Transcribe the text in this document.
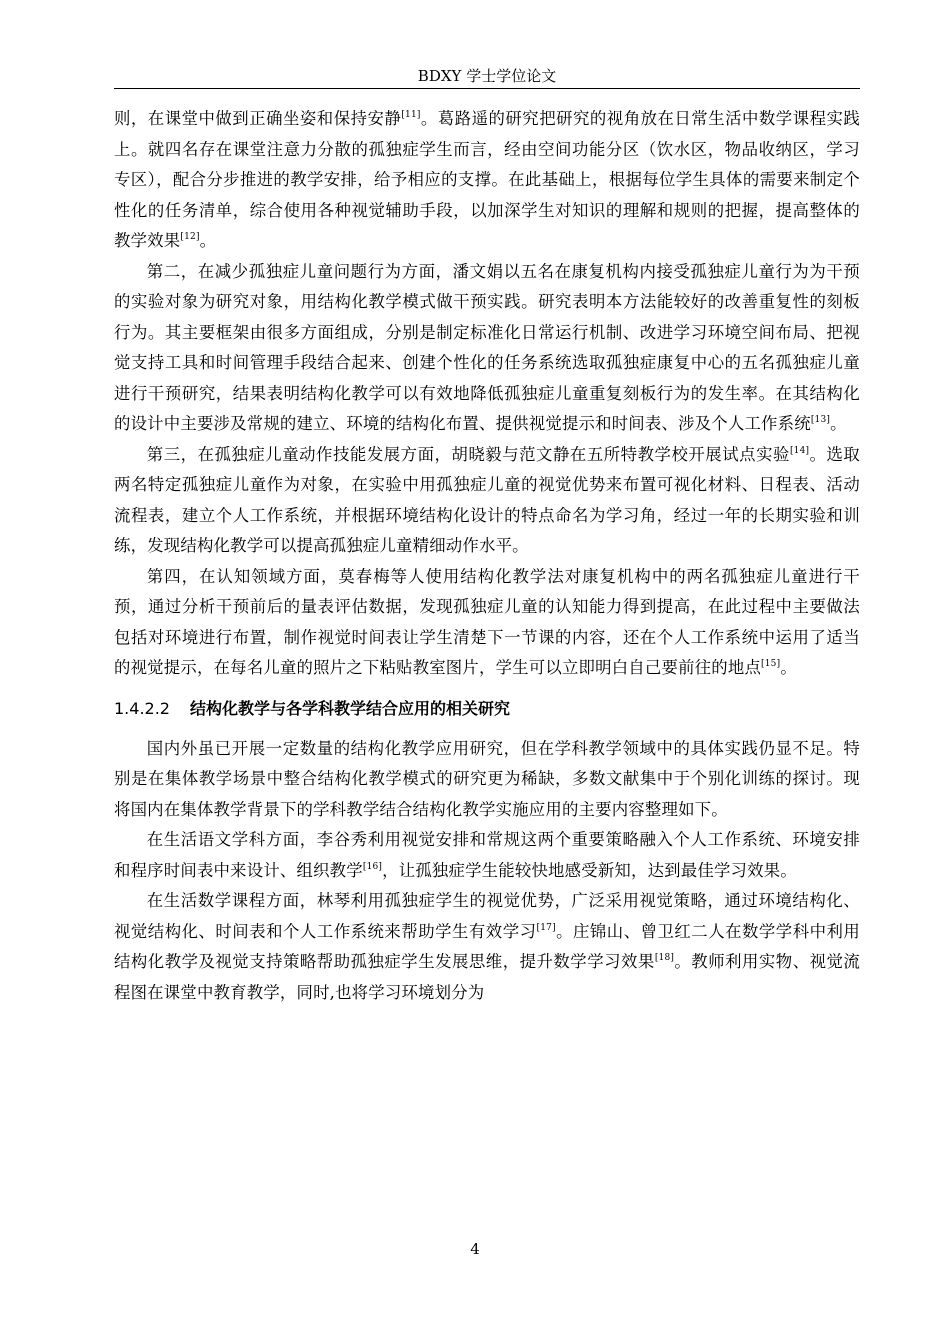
BDXY 学士学位论文

则，在课堂中做到正确坐姿和保持安静[11]。葛路遥的研究把研究的视角放在日常生活中数学课程实践上。就四名存在课堂注意力分散的孤独症学生而言，经由空间功能分区（饮水区，物品收纳区，学习专区），配合分步推进的教学安排，给予相应的支撑。在此基础上，根据每位学生具体的需要来制定个性化的任务清单，综合使用各种视觉辅助手段，以加深学生对知识的理解和规则的把握，提高整体的教学效果[12]。

第二，在减少孤独症儿童问题行为方面，潘文娟以五名在康复机构内接受孤独症儿童行为为干预的实验对象为研究对象，用结构化教学模式做干预实践。研究表明本方法能较好的改善重复性的刻板行为。其主要框架由很多方面组成，分别是制定标准化日常运行机制、改进学习环境空间布局、把视觉支持工具和时间管理手段结合起来、创建个性化的任务系统选取孤独症康复中心的五名孤独症儿童进行干预研究，结果表明结构化教学可以有效地降低孤独症儿童重复刻板行为的发生率。在其结构化的设计中主要涉及常规的建立、环境的结构化布置、提供视觉提示和时间表、涉及个人工作系统[13]。

第三，在孤独症儿童动作技能发展方面，胡晓毅与范文静在五所特教学校开展试点实验[14]。选取两名特定孤独症儿童作为对象，在实验中用孤独症儿童的视觉优势来布置可视化材料、日程表、活动流程表，建立个人工作系统，并根据环境结构化设计的特点命名为学习角，经过一年的长期实验和训练，发现结构化教学可以提高孤独症儿童精细动作水平。

第四，在认知领域方面，莫春梅等人使用结构化教学法对康复机构中的两名孤独症儿童进行干预，通过分析干预前后的量表评估数据，发现孤独症儿童的认知能力得到提高，在此过程中主要做法包括对环境进行布置，制作视觉时间表让学生清楚下一节课的内容，还在个人工作系统中运用了适当的视觉提示，在每名儿童的照片之下粘贴教室图片，学生可以立即明白自己要前往的地点[15]。

1.4.2.2 结构化教学与各学科教学结合应用的相关研究

国内外虽已开展一定数量的结构化教学应用研究，但在学科教学领域中的具体实践仍显不足。特别是在集体教学场景中整合结构化教学模式的研究更为稀缺，多数文献集中于个别化训练的探讨。现将国内在集体教学背景下的学科教学结合结构化教学实施应用的主要内容整理如下。

在生活语文学科方面，李谷秀利用视觉安排和常规这两个重要策略融入个人工作系统、环境安排和程序时间表中来设计、组织教学[16]，让孤独症学生能较快地感受新知，达到最佳学习效果。

在生活数学课程方面，林琴利用孤独症学生的视觉优势，广泛采用视觉策略，通过环境结构化、视觉结构化、时间表和个人工作系统来帮助学生有效学习[17]。庄锦山、曾卫红二人在数学学科中利用结构化教学及视觉支持策略帮助孤独症学生发展思维，提升数学学习效果[18]。教师利用实物、视觉流程图在课堂中教育教学，同时,也将学习环境划分为

4
